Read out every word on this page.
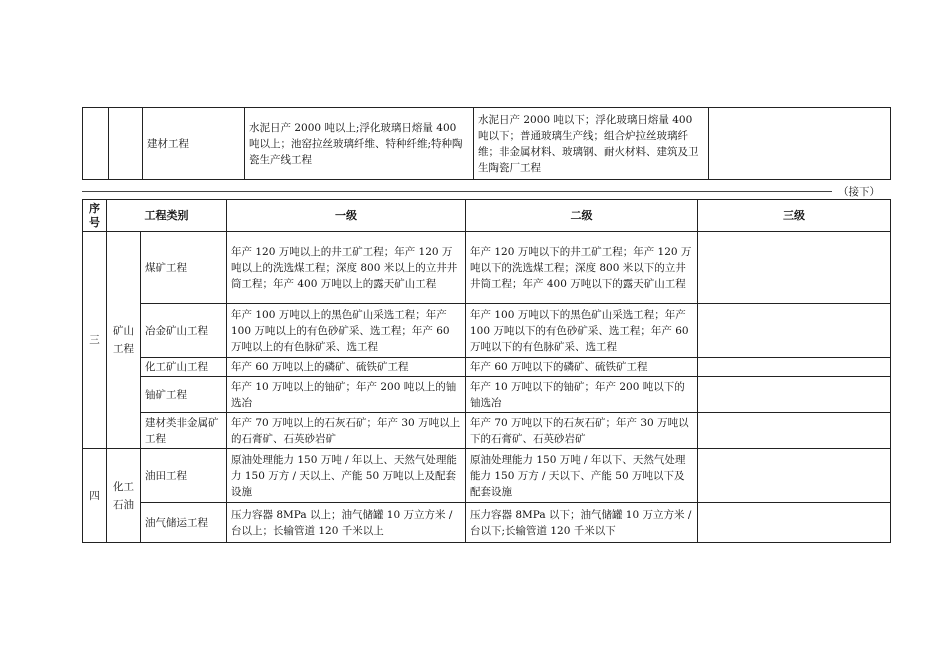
		建材工程	水泥日产 2000 吨以上;浮化玻璃日熔量 400 吨以上；池窑拉丝玻璃纤维、特种纤维;特种陶瓷生产线工程	水泥日产 2000 吨以下；浮化玻璃日熔量 400 吨以下；普通玻璃生产线；组合炉拉丝玻璃纤维；非金属材料、玻璃钢、耐火材料、建筑及卫生陶瓷厂工程	
（接下）
序号	工程类别		一级	二级	三级
三	矿山工程	煤矿工程	年产 120 万吨以上的井工矿工程；年产 120 万吨以上的洗选煤工程；深度 800 米以上的立井井筒工程；年产 400 万吨以上的露天矿山工程	年产 120 万吨以下的井工矿工程；年产 120 万吨以下的洗选煤工程；深度 800 米以下的立井井筒工程；年产 400 万吨以下的露天矿山工程	
		冶金矿山工程	年产 100 万吨以上的黑色矿山采选工程；年产 100 万吨以上的有色砂矿采、选工程；年产 60 万吨以上的有色脉矿采、选工程	年产 100 万吨以下的黑色矿山采选工程；年产 100 万吨以下的有色砂矿采、选工程；年产 60 万吨以下的有色脉矿采、选工程	
		化工矿山工程	年产 60 万吨以上的磷矿、硫铁矿工程	年产 60 万吨以下的磷矿、硫铁矿工程	
		铀矿工程	年产 10 万吨以上的铀矿；年产 200 吨以上的铀选冶	年产 10 万吨以下的铀矿；年产 200 吨以下的铀选冶	
		建材类非金属矿工程	年产 70 万吨以上的石灰石矿；年产 30 万吨以上的石膏矿、石英砂岩矿	年产 70 万吨以下的石灰石矿；年产 30 万吨以下的石膏矿、石英砂岩矿	
四	化工石油	油田工程	原油处理能力 150 万吨 / 年以上、天然气处理能力 150 万方 / 天以上、产能 50 万吨以上及配套设施	原油处理能力 150 万吨 / 年以下、天然气处理能力 150 万方 / 天以下、产能 50 万吨以下及配套设施	
		油气储运工程	压力容器 8MPa 以上；油气储罐 10 万立方米 / 台以上；长输管道 120 千米以上	压力容器 8MPa 以下；油气储罐 10 万立方米 / 台以下;长输管道 120 千米以下	
